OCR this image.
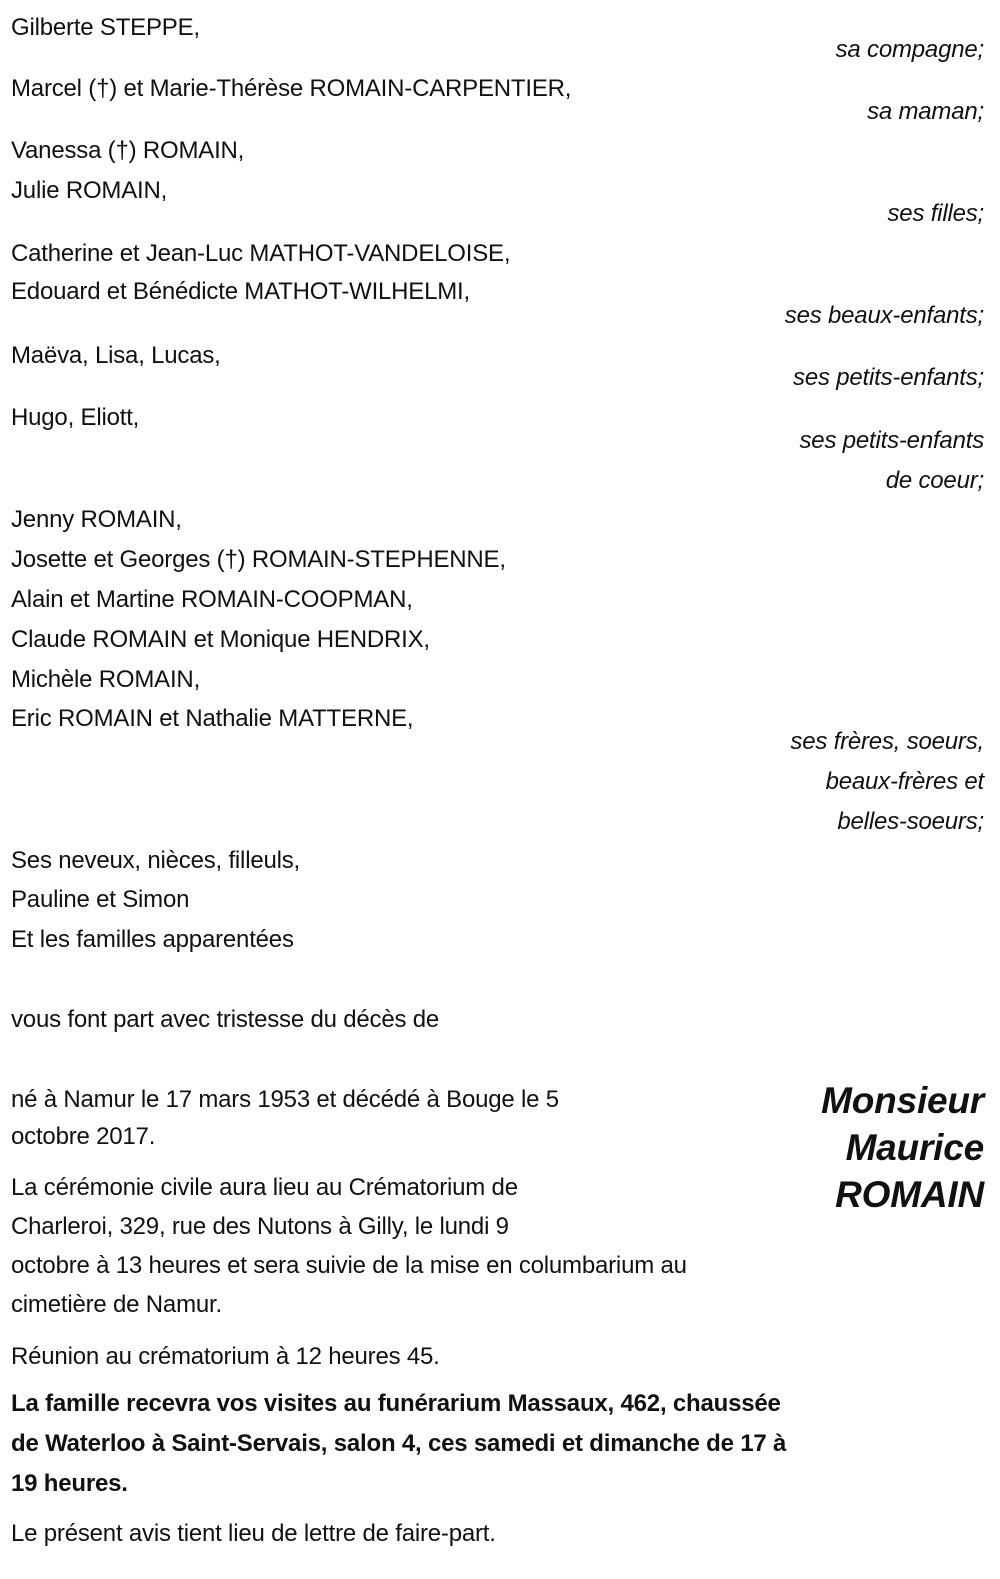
Gilberte STEPPE,
sa compagne;
Marcel (†) et Marie-Thérèse ROMAIN-CARPENTIER,
sa maman;
Vanessa (†) ROMAIN,
Julie ROMAIN,
ses filles;
Catherine et Jean-Luc MATHOT-VANDELOISE,
Edouard et Bénédicte MATHOT-WILHELMI,
ses beaux-enfants;
Maëva, Lisa, Lucas,
ses petits-enfants;
Hugo, Eliott,
ses petits-enfants
de coeur;
Jenny ROMAIN,
Josette et Georges (†) ROMAIN-STEPHENNE,
Alain et Martine ROMAIN-COOPMAN,
Claude ROMAIN et Monique HENDRIX,
Michèle ROMAIN,
Eric ROMAIN et Nathalie MATTERNE,
ses frères, soeurs,
beaux-frères et
belles-soeurs;
Ses neveux, nièces, filleuls,
Pauline et Simon
Et les familles apparentées
vous font part avec tristesse du décès de
Monsieur
Maurice
ROMAIN
né à Namur le 17 mars 1953 et décédé à Bouge le 5
octobre 2017.
La cérémonie civile aura lieu au Crématorium de
Charleroi, 329, rue des Nutons à Gilly, le lundi 9
octobre à 13 heures et sera suivie de la mise en columbarium au
cimetière de Namur.
Réunion au crématorium à 12 heures 45.
La famille recevra vos visites au funérarium Massaux, 462, chaussée
de Waterloo à Saint-Servais, salon 4, ces samedi et dimanche de 17 à
19 heures.
Le présent avis tient lieu de lettre de faire-part.
